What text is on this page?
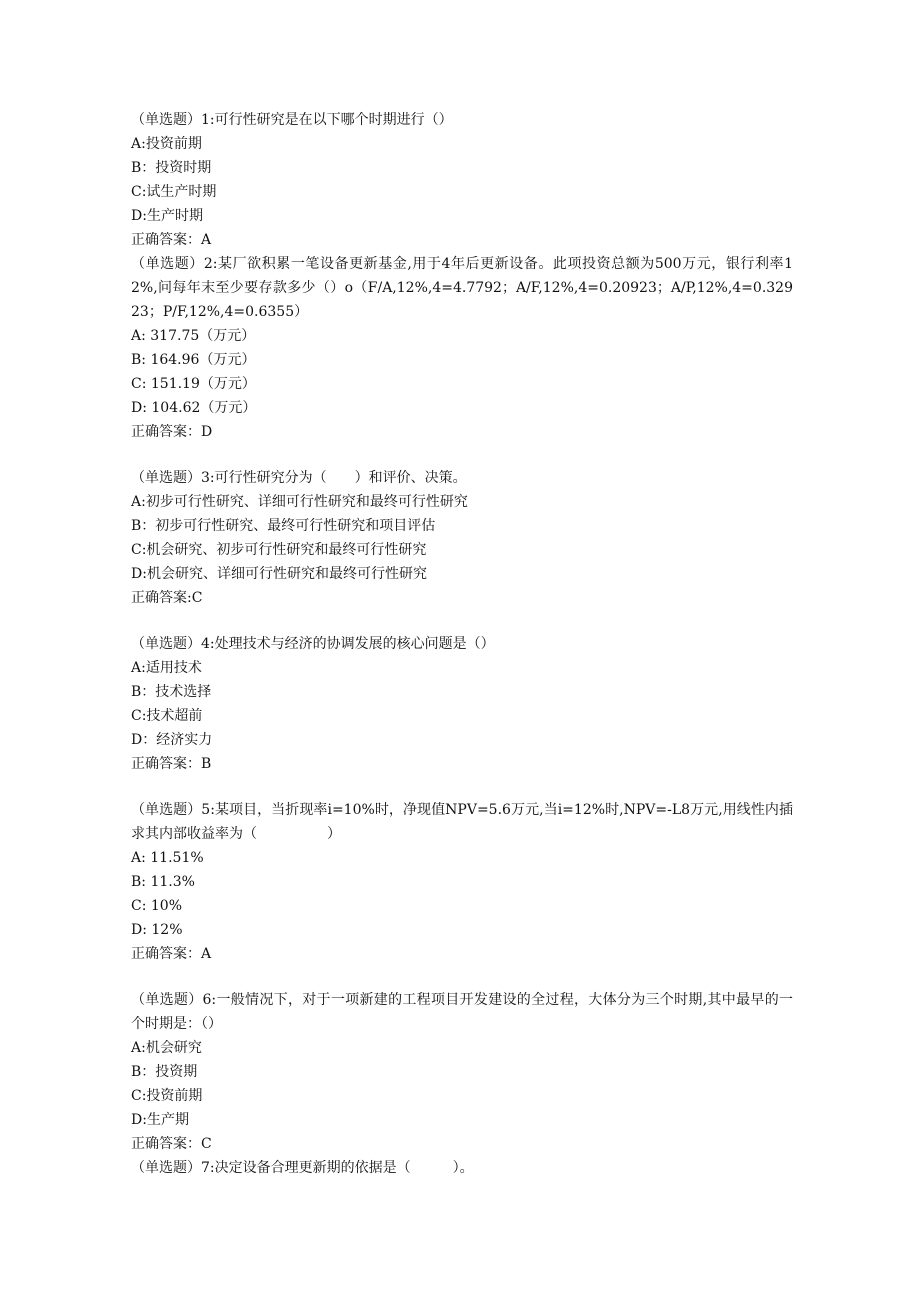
（单选题）1:可行性研究是在以下哪个时期进行（）
A:投资前期
B：投资时期
C:试生产时期
D:生产时期
正确答案：A
（单选题）2:某厂欲积累一笔设备更新基金,用于4年后更新设备。此项投资总额为500万元，银行利率12%,问每年末至少要存款多少（）o（F/A,12%,4=4.7792；A/F,12%,4=0.20923；A/P,12%,4=0.32923；P/F,12%,4=0.6355）
A: 317.75（万元）
B: 164.96（万元）
C: 151.19（万元）
D: 104.62（万元）
正确答案：D
（单选题）3:可行性研究分为（　　）和评价、决策。
A:初步可行性研究、详细可行性研究和最终可行性研究
B：初步可行性研究、最终可行性研究和项目评估
C:机会研究、初步可行性研究和最终可行性研究
D:机会研究、详细可行性研究和最终可行性研究
正确答案:C
（单选题）4:处理技术与经济的协调发展的核心问题是（）
A:适用技术
B：技术选择
C:技术超前
D：经济实力
正确答案：B
（单选题）5:某项目，当折现率i=10%时，净现值NPV=5.6万元,当i=12%时,NPV=-L8万元,用线性内插求其内部收益率为（　　　　　）
A: 11.51%
B: 11.3%
C: 10%
D: 12%
正确答案：A
（单选题）6:一般情况下，对于一项新建的工程项目开发建设的全过程，大体分为三个时期,其中最早的一个时期是：（）
A:机会研究
B：投资期
C:投资前期
D:生产期
正确答案：C
（单选题）7:决定设备合理更新期的依据是（　　　）。
